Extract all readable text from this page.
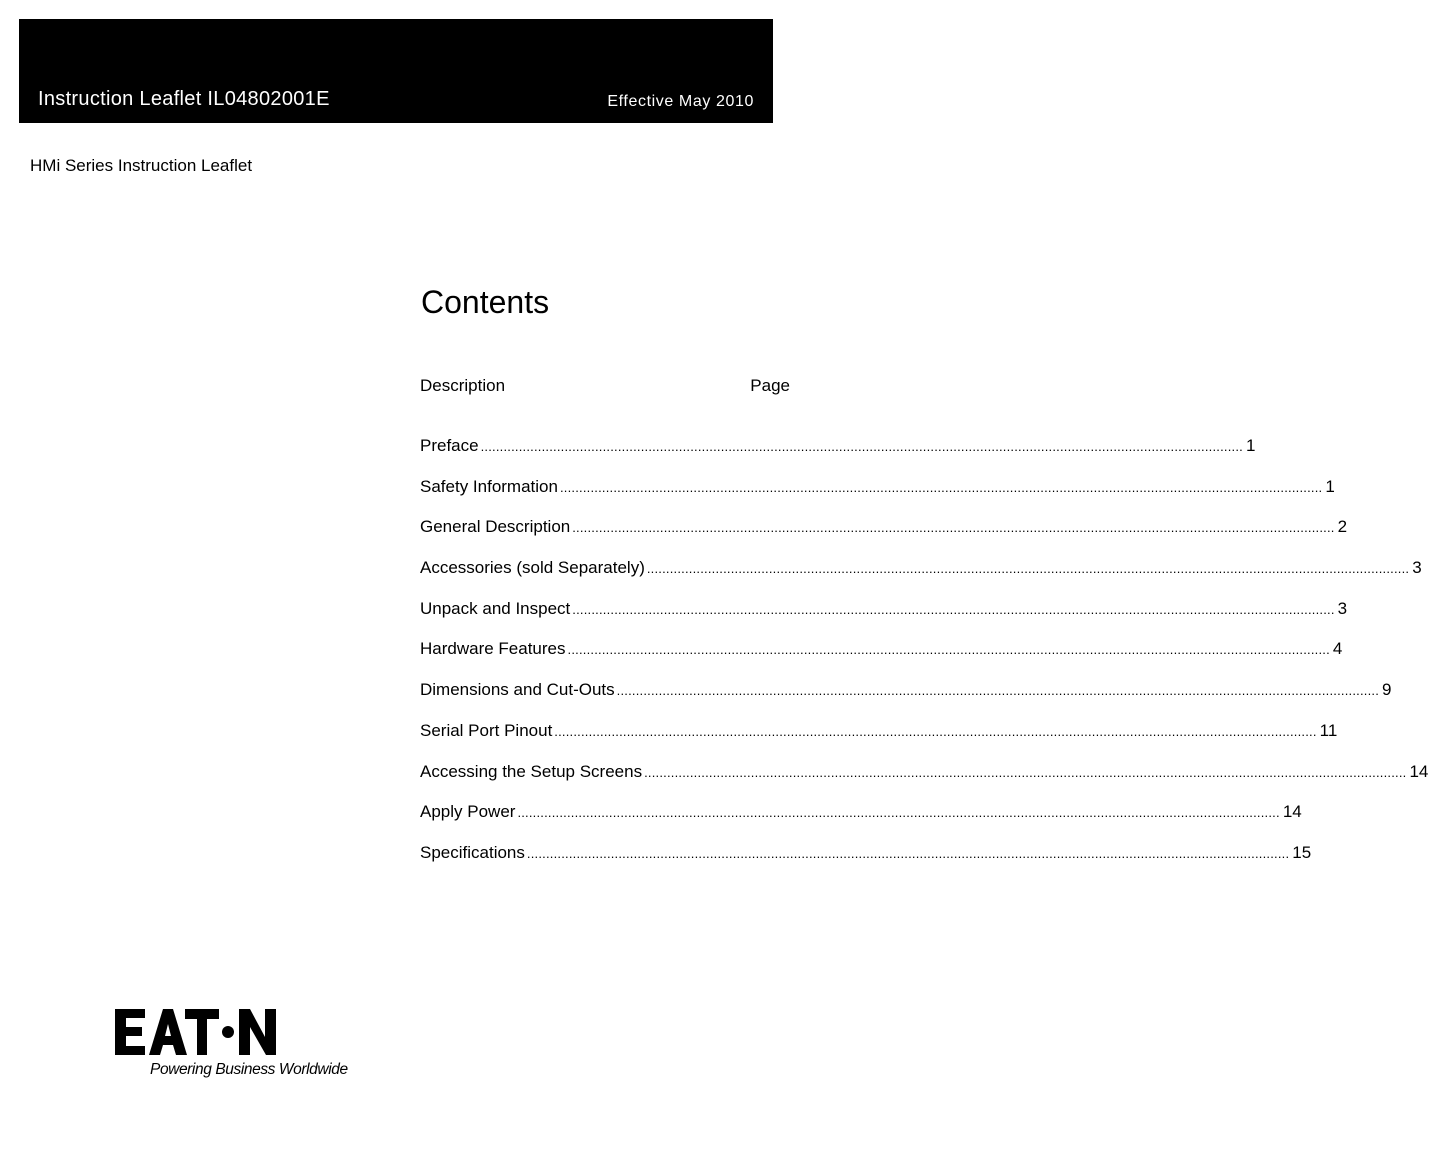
Instruction Leaflet IL04802001E	Effective May 2010
HMi Series Instruction Leaflet
Contents
Description	Page
Preface ........................................................................................................................................................................................................ 1
Safety Information ........................................................................................................................................................................................................ 1
General Description ........................................................................................................................................................................................................ 2
Accessories (sold Separately) ........................................................................................................................................................................................................ 3
Unpack and Inspect ........................................................................................................................................................................................................ 3
Hardware Features ........................................................................................................................................................................................................ 4
Dimensions and Cut-Outs ........................................................................................................................................................................................................ 9
Serial Port Pinout ........................................................................................................................................................................................................ 11
Accessing the Setup Screens ........................................................................................................................................................................................................ 14
Apply Power ........................................................................................................................................................................................................ 14
Specifications ........................................................................................................................................................................................................ 15
Powering Business Worldwide
